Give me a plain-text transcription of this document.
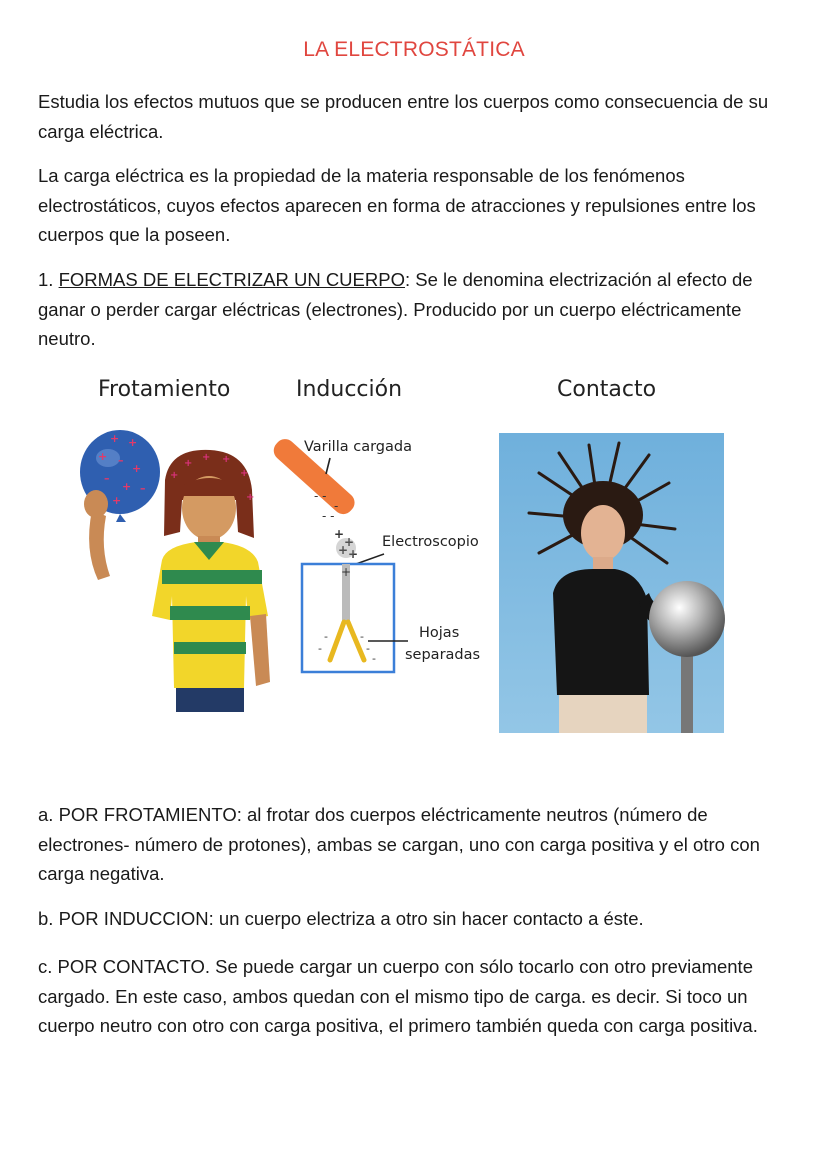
LA ELECTROSTÁTICA

Estudia los efectos mutuos que se producen entre los cuerpos como consecuencia de su carga eléctrica.

La carga eléctrica es la propiedad de la materia responsable de los fenómenos electrostáticos, cuyos efectos aparecen en forma de atracciones y repulsiones entre los cuerpos que la poseen.

1. FORMAS DE ELECTRIZAR UN CUERPO: Se le denomina electrización al efecto de ganar o perder cargar eléctricas (electrones). Producido por un cuerpo eléctricamente neutro.

Frotamiento	Inducción	Contacto
+ +
+ –
+
–
+ –
+
+
+
+ +
+
+	- -
-
- -
+
+
+ +
+
-
-
-
-
-
Varilla cargada
Electroscopio
Hojas
separadas

a. POR FROTAMIENTO: al frotar dos cuerpos eléctricamente neutros (número de electrones- número de protones), ambas se cargan, uno con carga positiva y el otro con carga negativa.

b. POR INDUCCION: un cuerpo electriza a otro sin hacer contacto a éste.

c. POR CONTACTO. Se puede cargar un cuerpo con sólo tocarlo con otro previamente cargado. En este caso, ambos quedan con el mismo tipo de carga. es decir. Si toco un cuerpo neutro con otro con carga positiva, el primero también queda con carga positiva.
